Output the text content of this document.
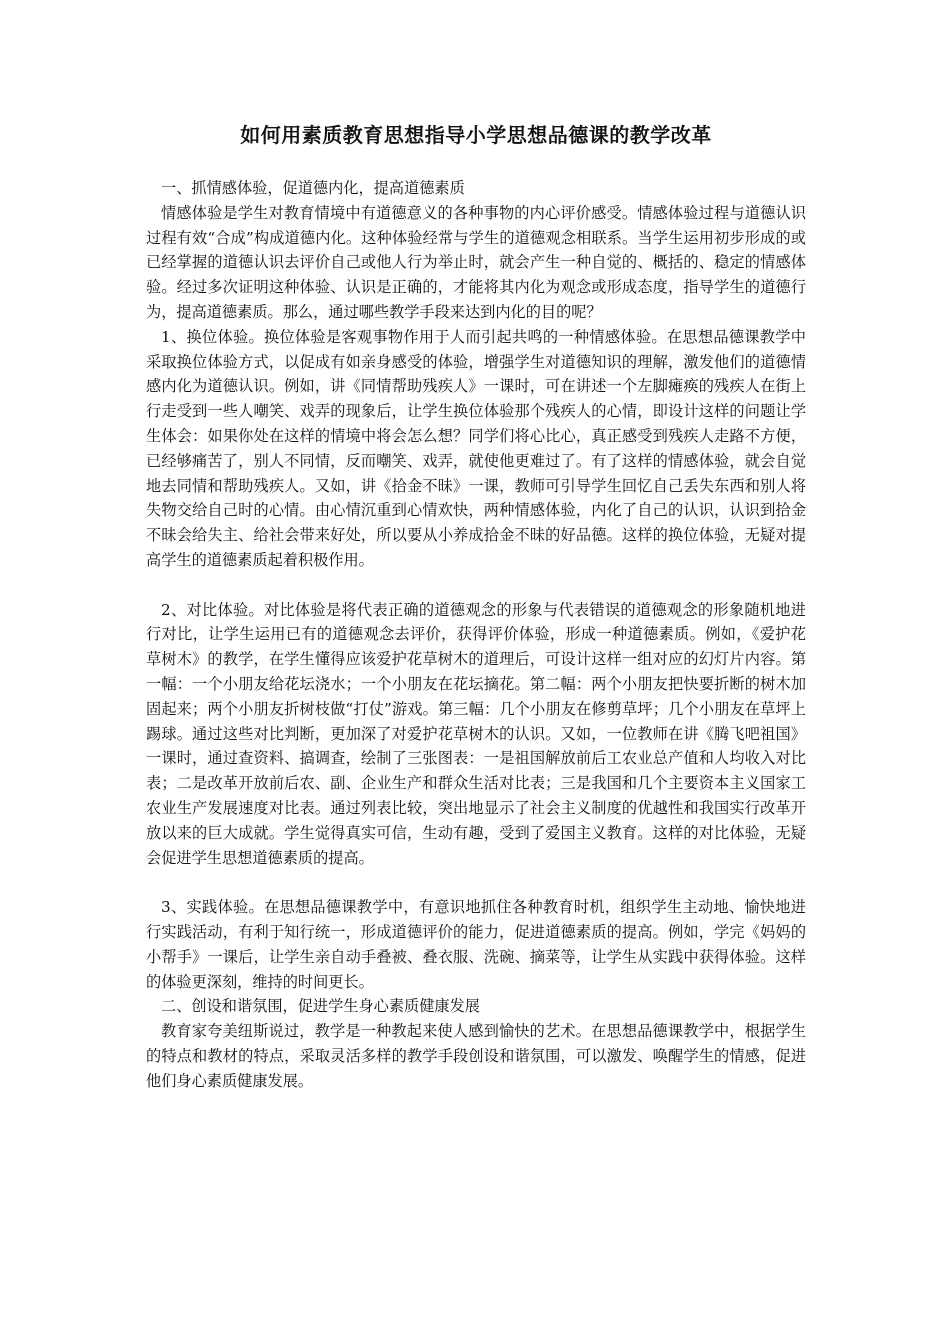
如何用素质教育思想指导小学思想品德课的教学改革

一、抓情感体验，促道德内化，提高道德素质

情感体验是学生对教育情境中有道德意义的各种事物的内心评价感受。情感体验过程与道德认识过程有效“合成”构成道德内化。这种体验经常与学生的道德观念相联系。当学生运用初步形成的或已经掌握的道德认识去评价自己或他人行为举止时，就会产生一种自觉的、概括的、稳定的情感体验。经过多次证明这种体验、认识是正确的，才能将其内化为观念或形成态度，指导学生的道德行为，提高道德素质。那么，通过哪些教学手段来达到内化的目的呢？

1、换位体验。换位体验是客观事物作用于人而引起共鸣的一种情感体验。在思想品德课教学中采取换位体验方式，以促成有如亲身感受的体验，增强学生对道德知识的理解，激发他们的道德情感内化为道德认识。例如，讲《同情帮助残疾人》一课时，可在讲述一个左脚瘫痪的残疾人在街上行走受到一些人嘲笑、戏弄的现象后，让学生换位体验那个残疾人的心情，即设计这样的问题让学生体会：如果你处在这样的情境中将会怎么想？同学们将心比心，真正感受到残疾人走路不方便，已经够痛苦了，别人不同情，反而嘲笑、戏弄，就使他更难过了。有了这样的情感体验，就会自觉地去同情和帮助残疾人。又如，讲《拾金不昧》一课，教师可引导学生回忆自己丢失东西和别人将失物交给自己时的心情。由心情沉重到心情欢快，两种情感体验，内化了自己的认识，认识到拾金不昧会给失主、给社会带来好处，所以要从小养成拾金不昧的好品德。这样的换位体验，无疑对提高学生的道德素质起着积极作用。

2、对比体验。对比体验是将代表正确的道德观念的形象与代表错误的道德观念的形象随机地进行对比，让学生运用已有的道德观念去评价，获得评价体验，形成一种道德素质。例如，《爱护花草树木》的教学，在学生懂得应该爱护花草树木的道理后，可设计这样一组对应的幻灯片内容。第一幅：一个小朋友给花坛浇水；一个小朋友在花坛摘花。第二幅：两个小朋友把快要折断的树木加固起来；两个小朋友折树枝做“打仗”游戏。第三幅：几个小朋友在修剪草坪；几个小朋友在草坪上踢球。通过这些对比判断，更加深了对爱护花草树木的认识。又如，一位教师在讲《腾飞吧祖国》一课时，通过查资料、搞调查，绘制了三张图表：一是祖国解放前后工农业总产值和人均收入对比表；二是改革开放前后农、副、企业生产和群众生活对比表；三是我国和几个主要资本主义国家工农业生产发展速度对比表。通过列表比较，突出地显示了社会主义制度的优越性和我国实行改革开放以来的巨大成就。学生觉得真实可信，生动有趣，受到了爱国主义教育。这样的对比体验，无疑会促进学生思想道德素质的提高。

3、实践体验。在思想品德课教学中，有意识地抓住各种教育时机，组织学生主动地、愉快地进行实践活动，有利于知行统一，形成道德评价的能力，促进道德素质的提高。例如，学完《妈妈的小帮手》一课后，让学生亲自动手叠被、叠衣服、洗碗、摘菜等，让学生从实践中获得体验。这样的体验更深刻，维持的时间更长。

二、创设和谐氛围，促进学生身心素质健康发展

教育家夸美纽斯说过，教学是一种教起来使人感到愉快的艺术。在思想品德课教学中，根据学生的特点和教材的特点，采取灵活多样的教学手段创设和谐氛围，可以激发、唤醒学生的情感，促进他们身心素质健康发展。
